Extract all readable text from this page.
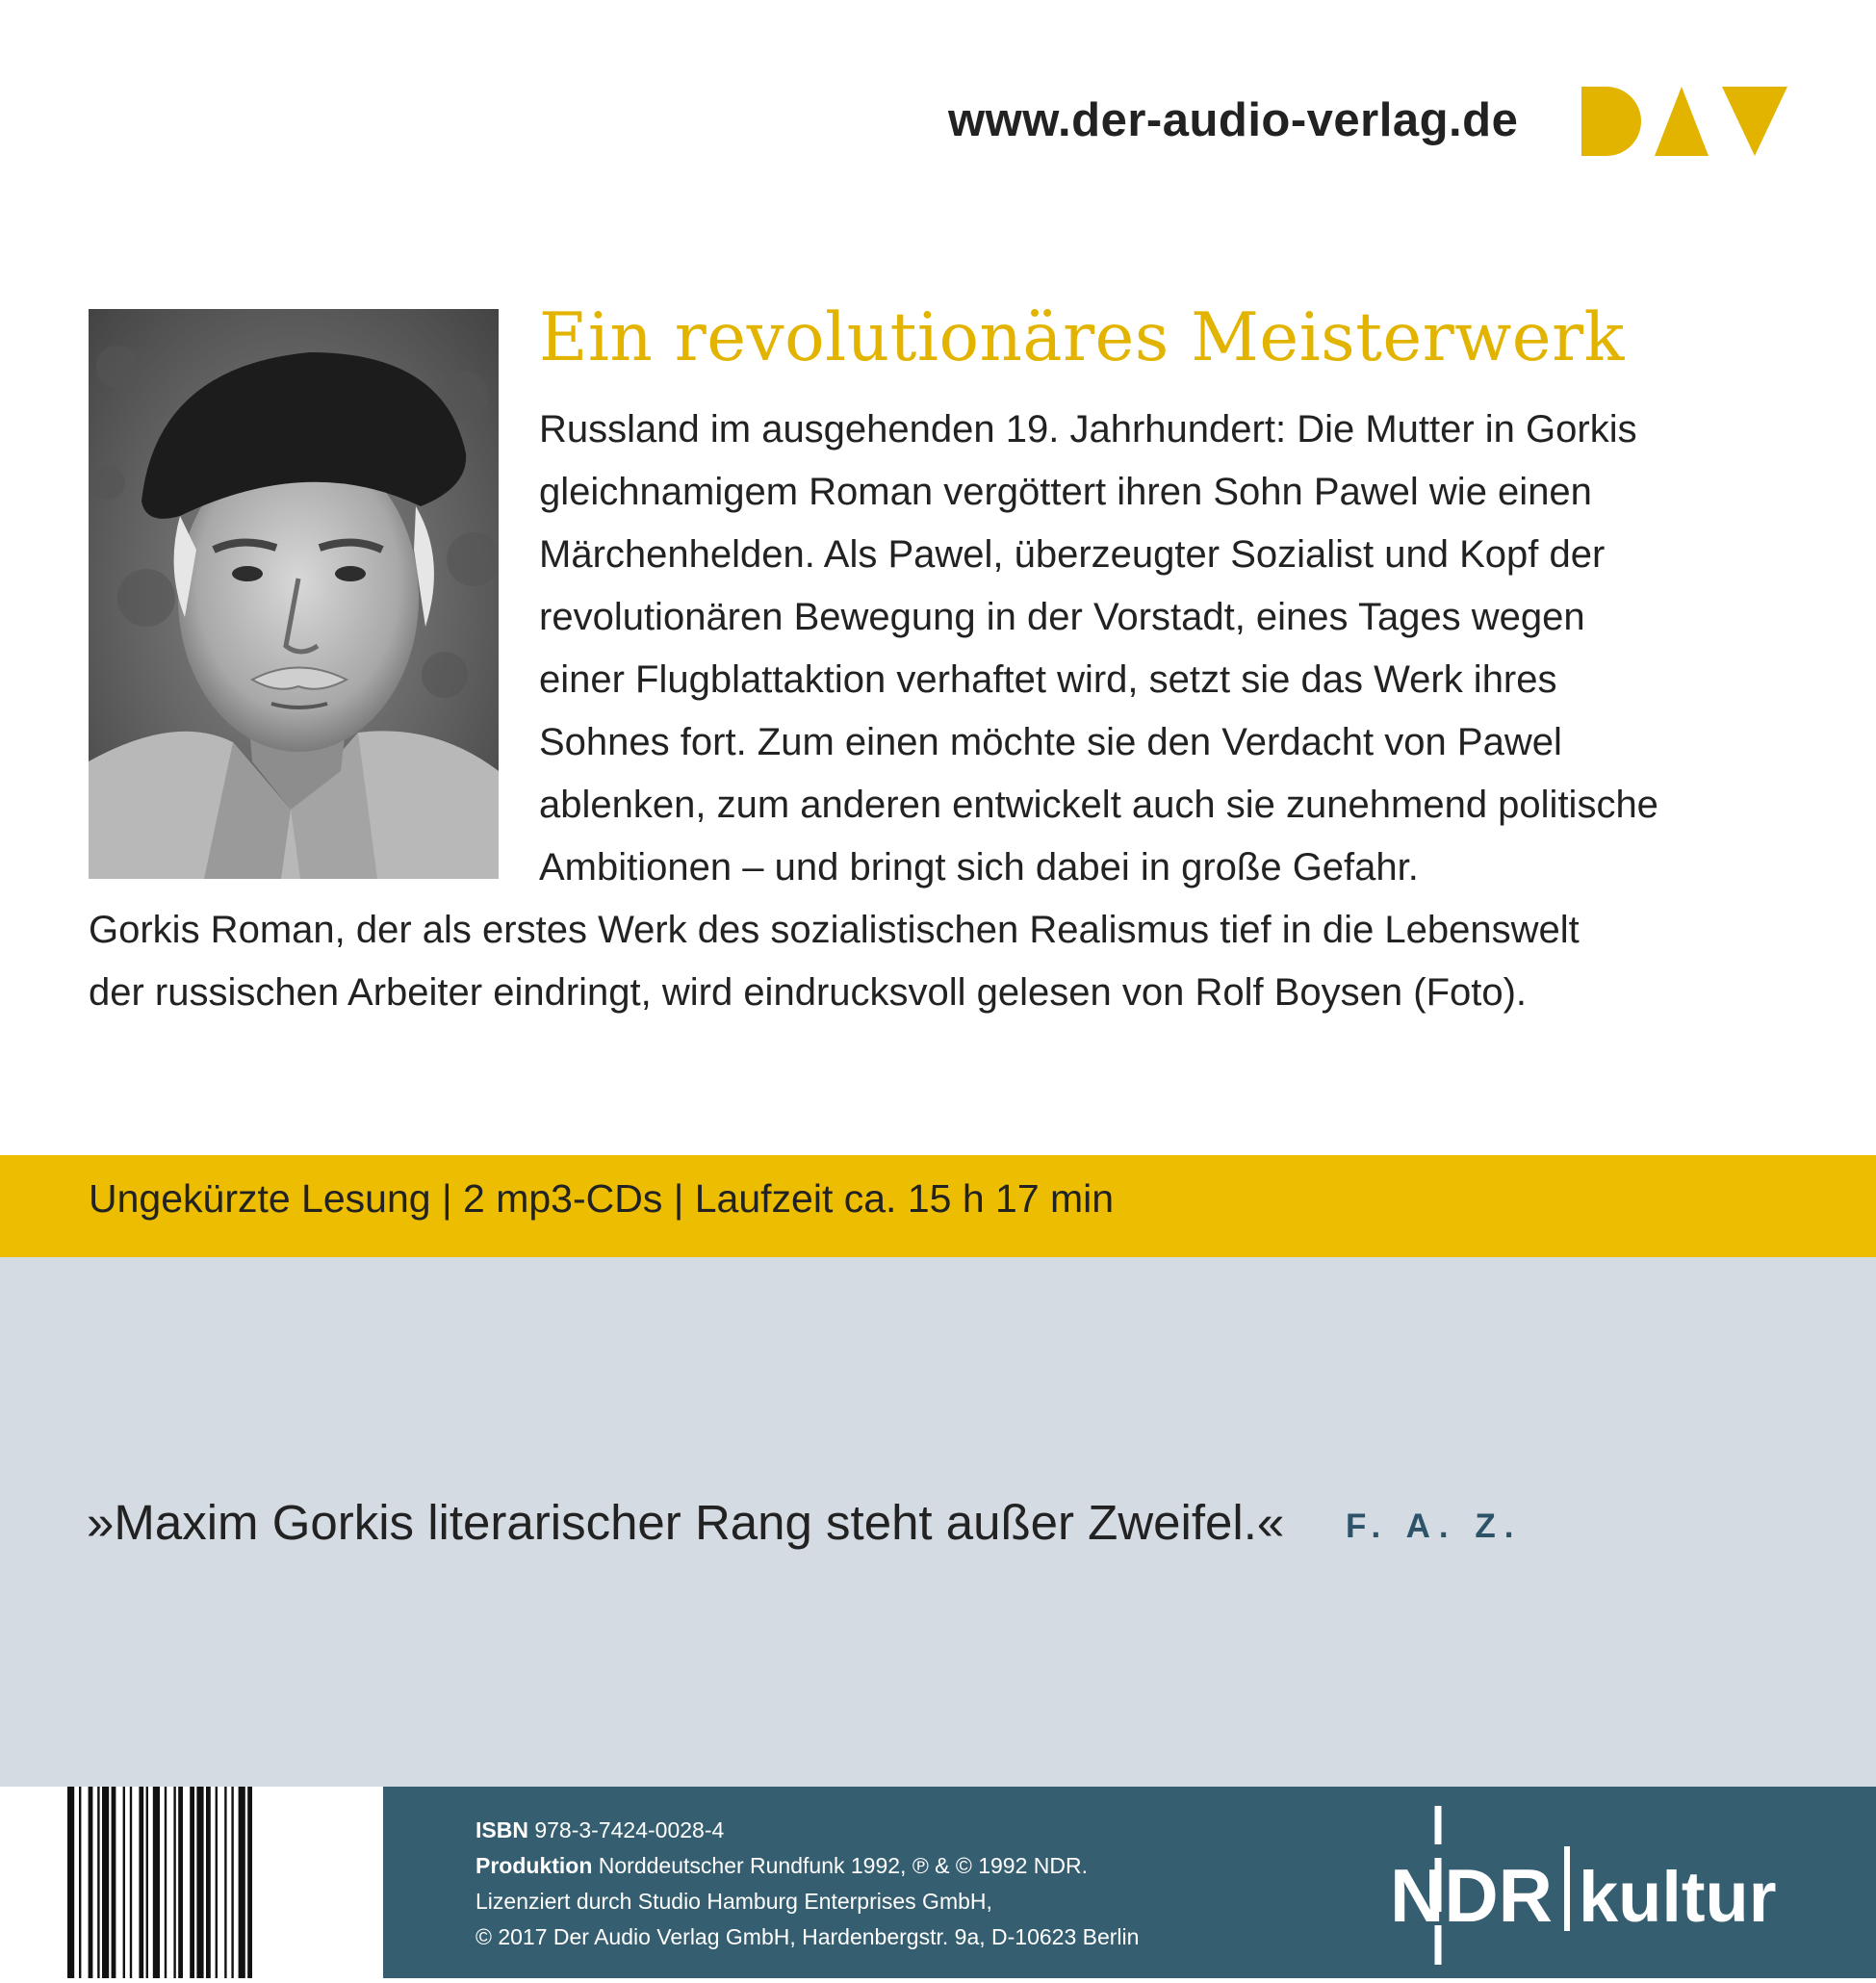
www.der-audio-verlag.de
Ein revolutionäres Meisterwerk
Russland im ausgehenden 19. Jahrhundert: Die Mutter in Gorkis
gleichnamigem Roman vergöttert ihren Sohn Pawel wie einen
Märchenhelden. Als Pawel, überzeugter Sozialist und Kopf der
revolutionären Bewegung in der Vorstadt, eines Tages wegen
einer Flugblattaktion verhaftet wird, setzt sie das Werk ihres
Sohnes fort. Zum einen möchte sie den Verdacht von Pawel
ablenken, zum anderen entwickelt auch sie zunehmend politische
Ambitionen – und bringt sich dabei in große Gefahr.
Gorkis Roman, der als erstes Werk des sozialistischen Realismus tief in die Lebenswelt
der russischen Arbeiter eindringt, wird eindrucksvoll gelesen von Rolf Boysen (Foto).
Ungekürzte Lesung | 2 mp3-CDs | Laufzeit ca. 15 h 17 min
»Maxim Gorkis literarischer Rang steht außer Zweifel.« F. A. Z.
ISBN 978-3-7424-0028-4
Produktion Norddeutscher Rundfunk 1992, ℗ & © 1992 NDR.
Lizenziert durch Studio Hamburg Enterprises GmbH,
© 2017 Der Audio Verlag GmbH, Hardenbergstr. 9a, D-10623 Berlin	NDR kultur
